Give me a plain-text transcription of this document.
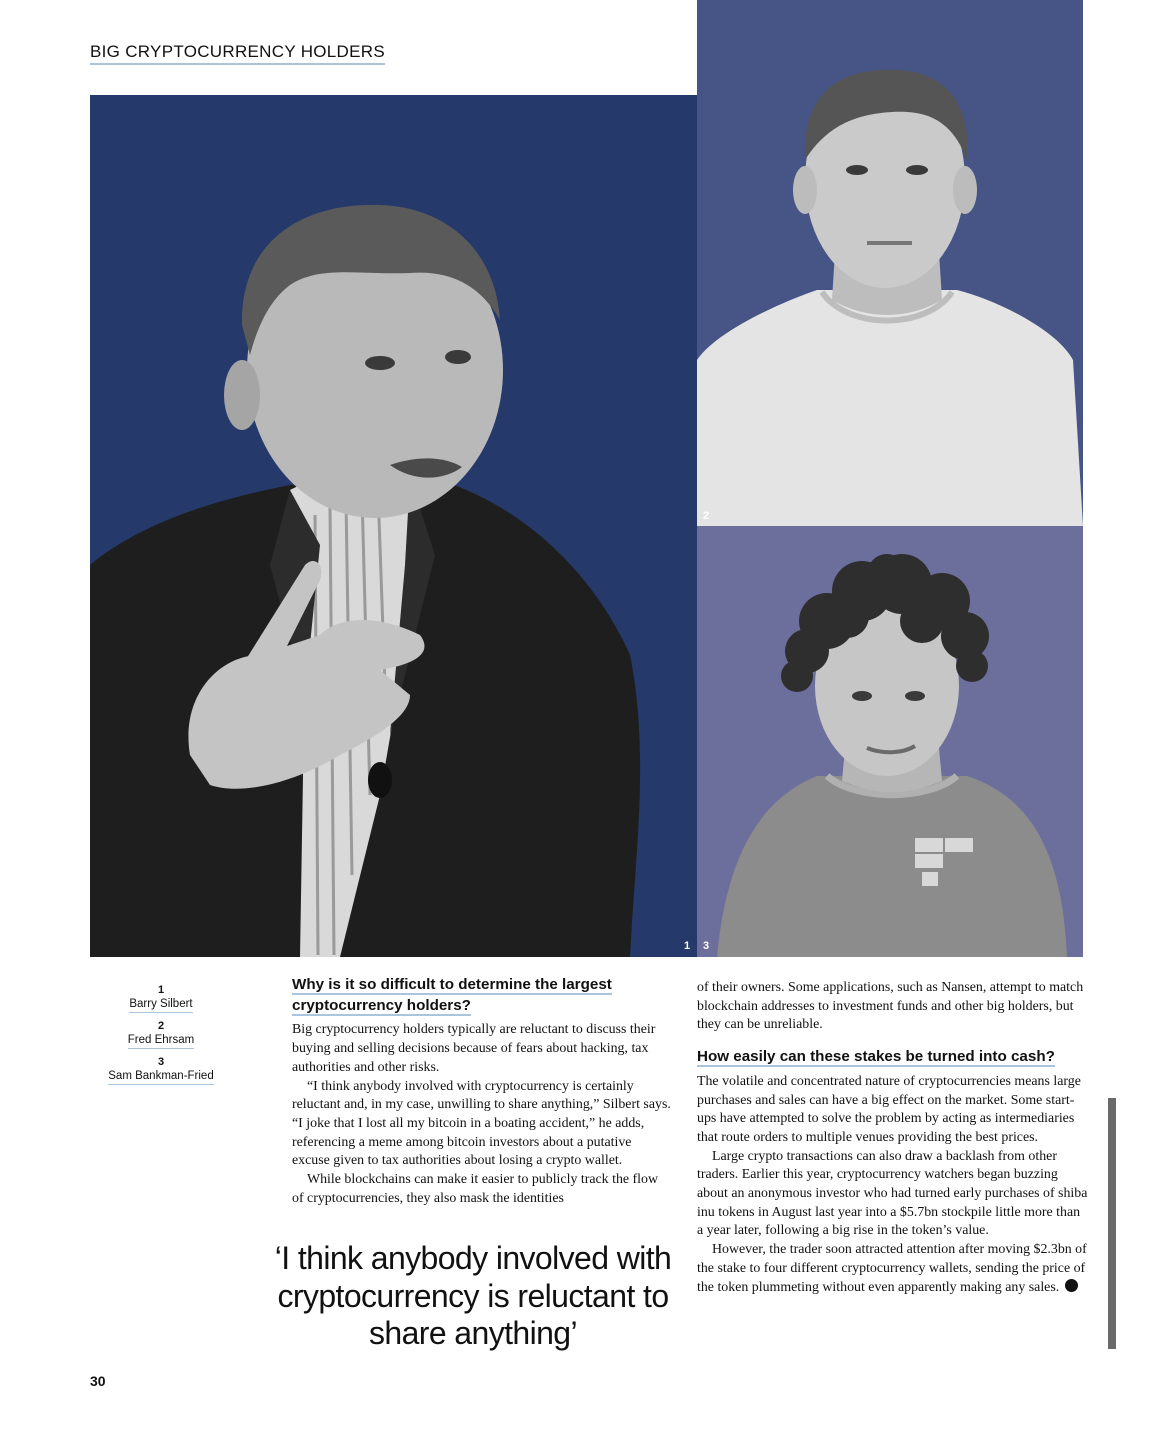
BIG CRYPTOCURRENCY HOLDERS
1
2
3
1
Barry Silbert
2
Fred Ehrsam
3
Sam Bankman-Fried
Why is it so difficult to determine the largest cryptocurrency holders?

Big cryptocurrency holders typically are reluctant to discuss their buying and selling decisions because of fears about hacking, tax authorities and other risks.

“I think anybody involved with cryptocurrency is certainly reluctant and, in my case, unwilling to share anything,” Silbert says. “I joke that I lost all my bitcoin in a boating accident,” he adds, referencing a meme among bitcoin investors about a putative excuse given to tax authorities about losing a crypto wallet.

While blockchains can make it easier to publicly track the flow of cryptocurrencies, they also mask the identities

‘I think anybody involved with cryptocurrency is reluctant to share anything’

of their owners. Some applications, such as Nansen, attempt to match blockchain addresses to investment funds and other big holders, but they can be unreliable.

How easily can these stakes be turned into cash?

The volatile and concentrated nature of cryptocurrencies means large purchases and sales can have a big effect on the market. Some start-ups have attempted to solve the problem by acting as intermediaries that route orders to multiple venues providing the best prices.

Large crypto transactions can also draw a backlash from other traders. Earlier this year, cryptocurrency watchers began buzzing about an anonymous investor who had turned early purchases of shiba inu tokens in August last year into a $5.7bn stockpile little more than a year later, following a big rise in the token’s value.

However, the trader soon attracted attention after moving $2.3bn of the stake to four different cryptocurrency wallets, sending the price of the token plummeting without even apparently making any sales.

30
